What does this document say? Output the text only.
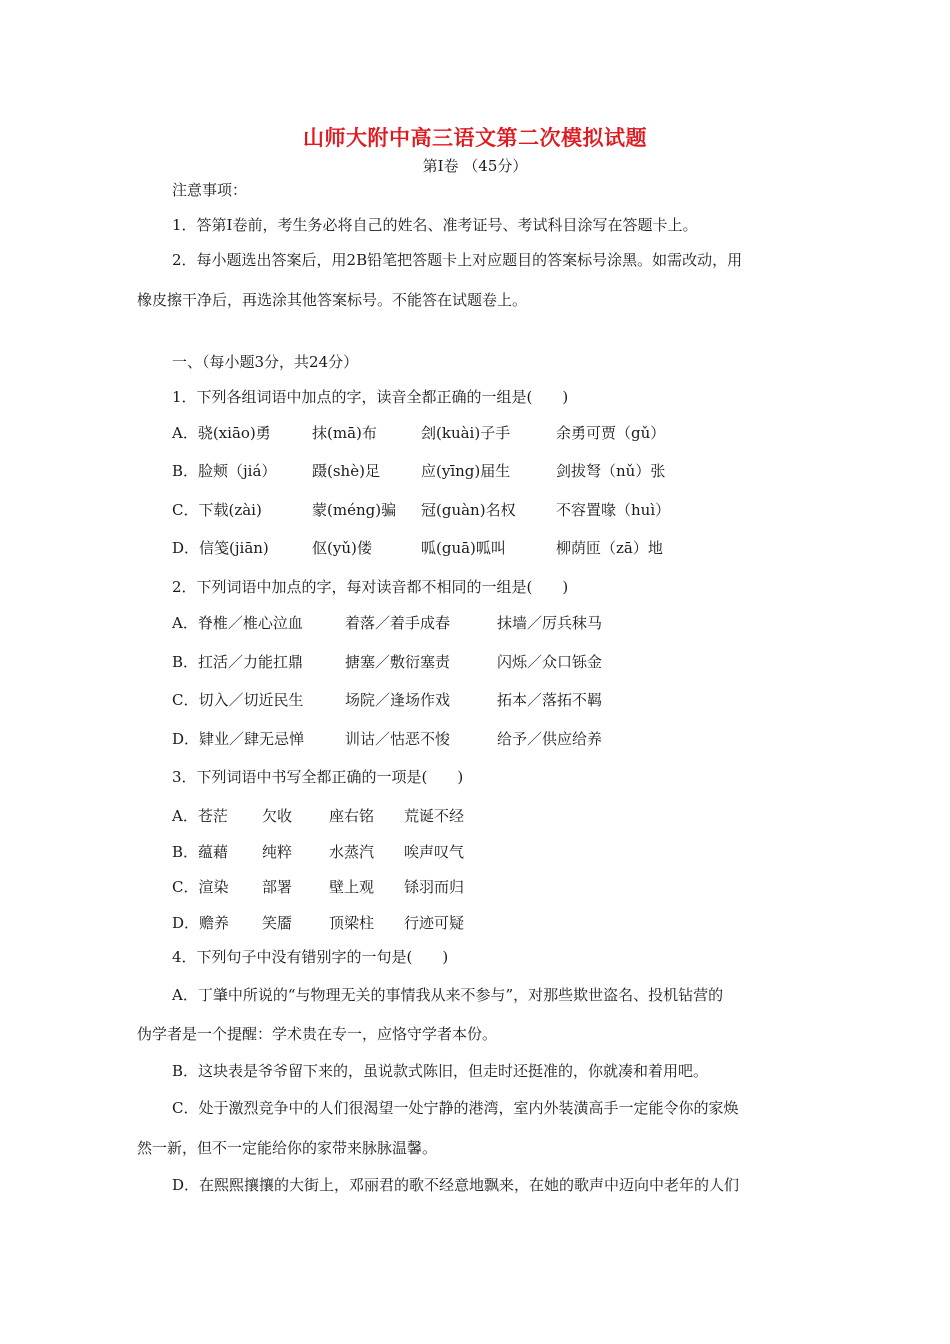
山师大附中高三语文第二次模拟试题
第Ⅰ卷 （45分）
注意事项：
1．答第Ⅰ卷前，考生务必将自己的姓名、准考证号、考试科目涂写在答题卡上。
2．每小题选出答案后，用2B铅笔把答题卡上对应题目的答案标号涂黑。如需改动，用
橡皮擦干净后，再选涂其他答案标号。不能答在试题卷上。
一、（每小题3分，共24分）
1．下列各组词语中加点的字，读音全都正确的一组是(　　)
A．骁(xiāo)勇	抹(mā)布	刽(kuài)子手	余勇可贾（gǔ）
B．脸颊（jiá） 蹑(shè)足	应(yīng)届生	剑拔弩（nǔ）张
C．下载(zài)	蒙(méng)骗 冠(guàn)名权	不容置喙（huì）
D．信笺(jiān)	伛(yǔ)偻	呱(guā)呱叫	柳荫匝（zā）地
2．下列词语中加点的字，每对读音都不相同的一组是(　　)
A．脊椎／椎心泣血	着落／着手成春	抹墙／厉兵秣马
B．扛活／力能扛鼎	搪塞／敷衍塞责	闪烁／众口铄金
C．切入／切近民生	场院／逢场作戏	拓本／落拓不羁
D．肄业／肆无忌惮	训诂／怙恶不悛	给予／供应给养
3．下列词语中书写全都正确的一项是(　　)
A．苍茫 欠收 座右铭 荒诞不经
B．蕴藉 纯粹 水蒸汽 唉声叹气
C．渲染 部署 壁上观 铩羽而归
D．赡养 笑靥 顶梁柱 行迹可疑
4．下列句子中没有错别字的一句是(　　)
A．丁肇中所说的“与物理无关的事情我从来不参与”，对那些欺世盗名、投机钻营的
伪学者是一个提醒：学术贵在专一，应恪守学者本份。
B．这块表是爷爷留下来的，虽说款式陈旧，但走时还挺准的，你就凑和着用吧。
C．处于激烈竞争中的人们很渴望一处宁静的港湾，室内外装潢高手一定能令你的家焕
然一新，但不一定能给你的家带来脉脉温馨。
D．在熙熙攘攘的大街上，邓丽君的歌不经意地飘来，在她的歌声中迈向中老年的人们
